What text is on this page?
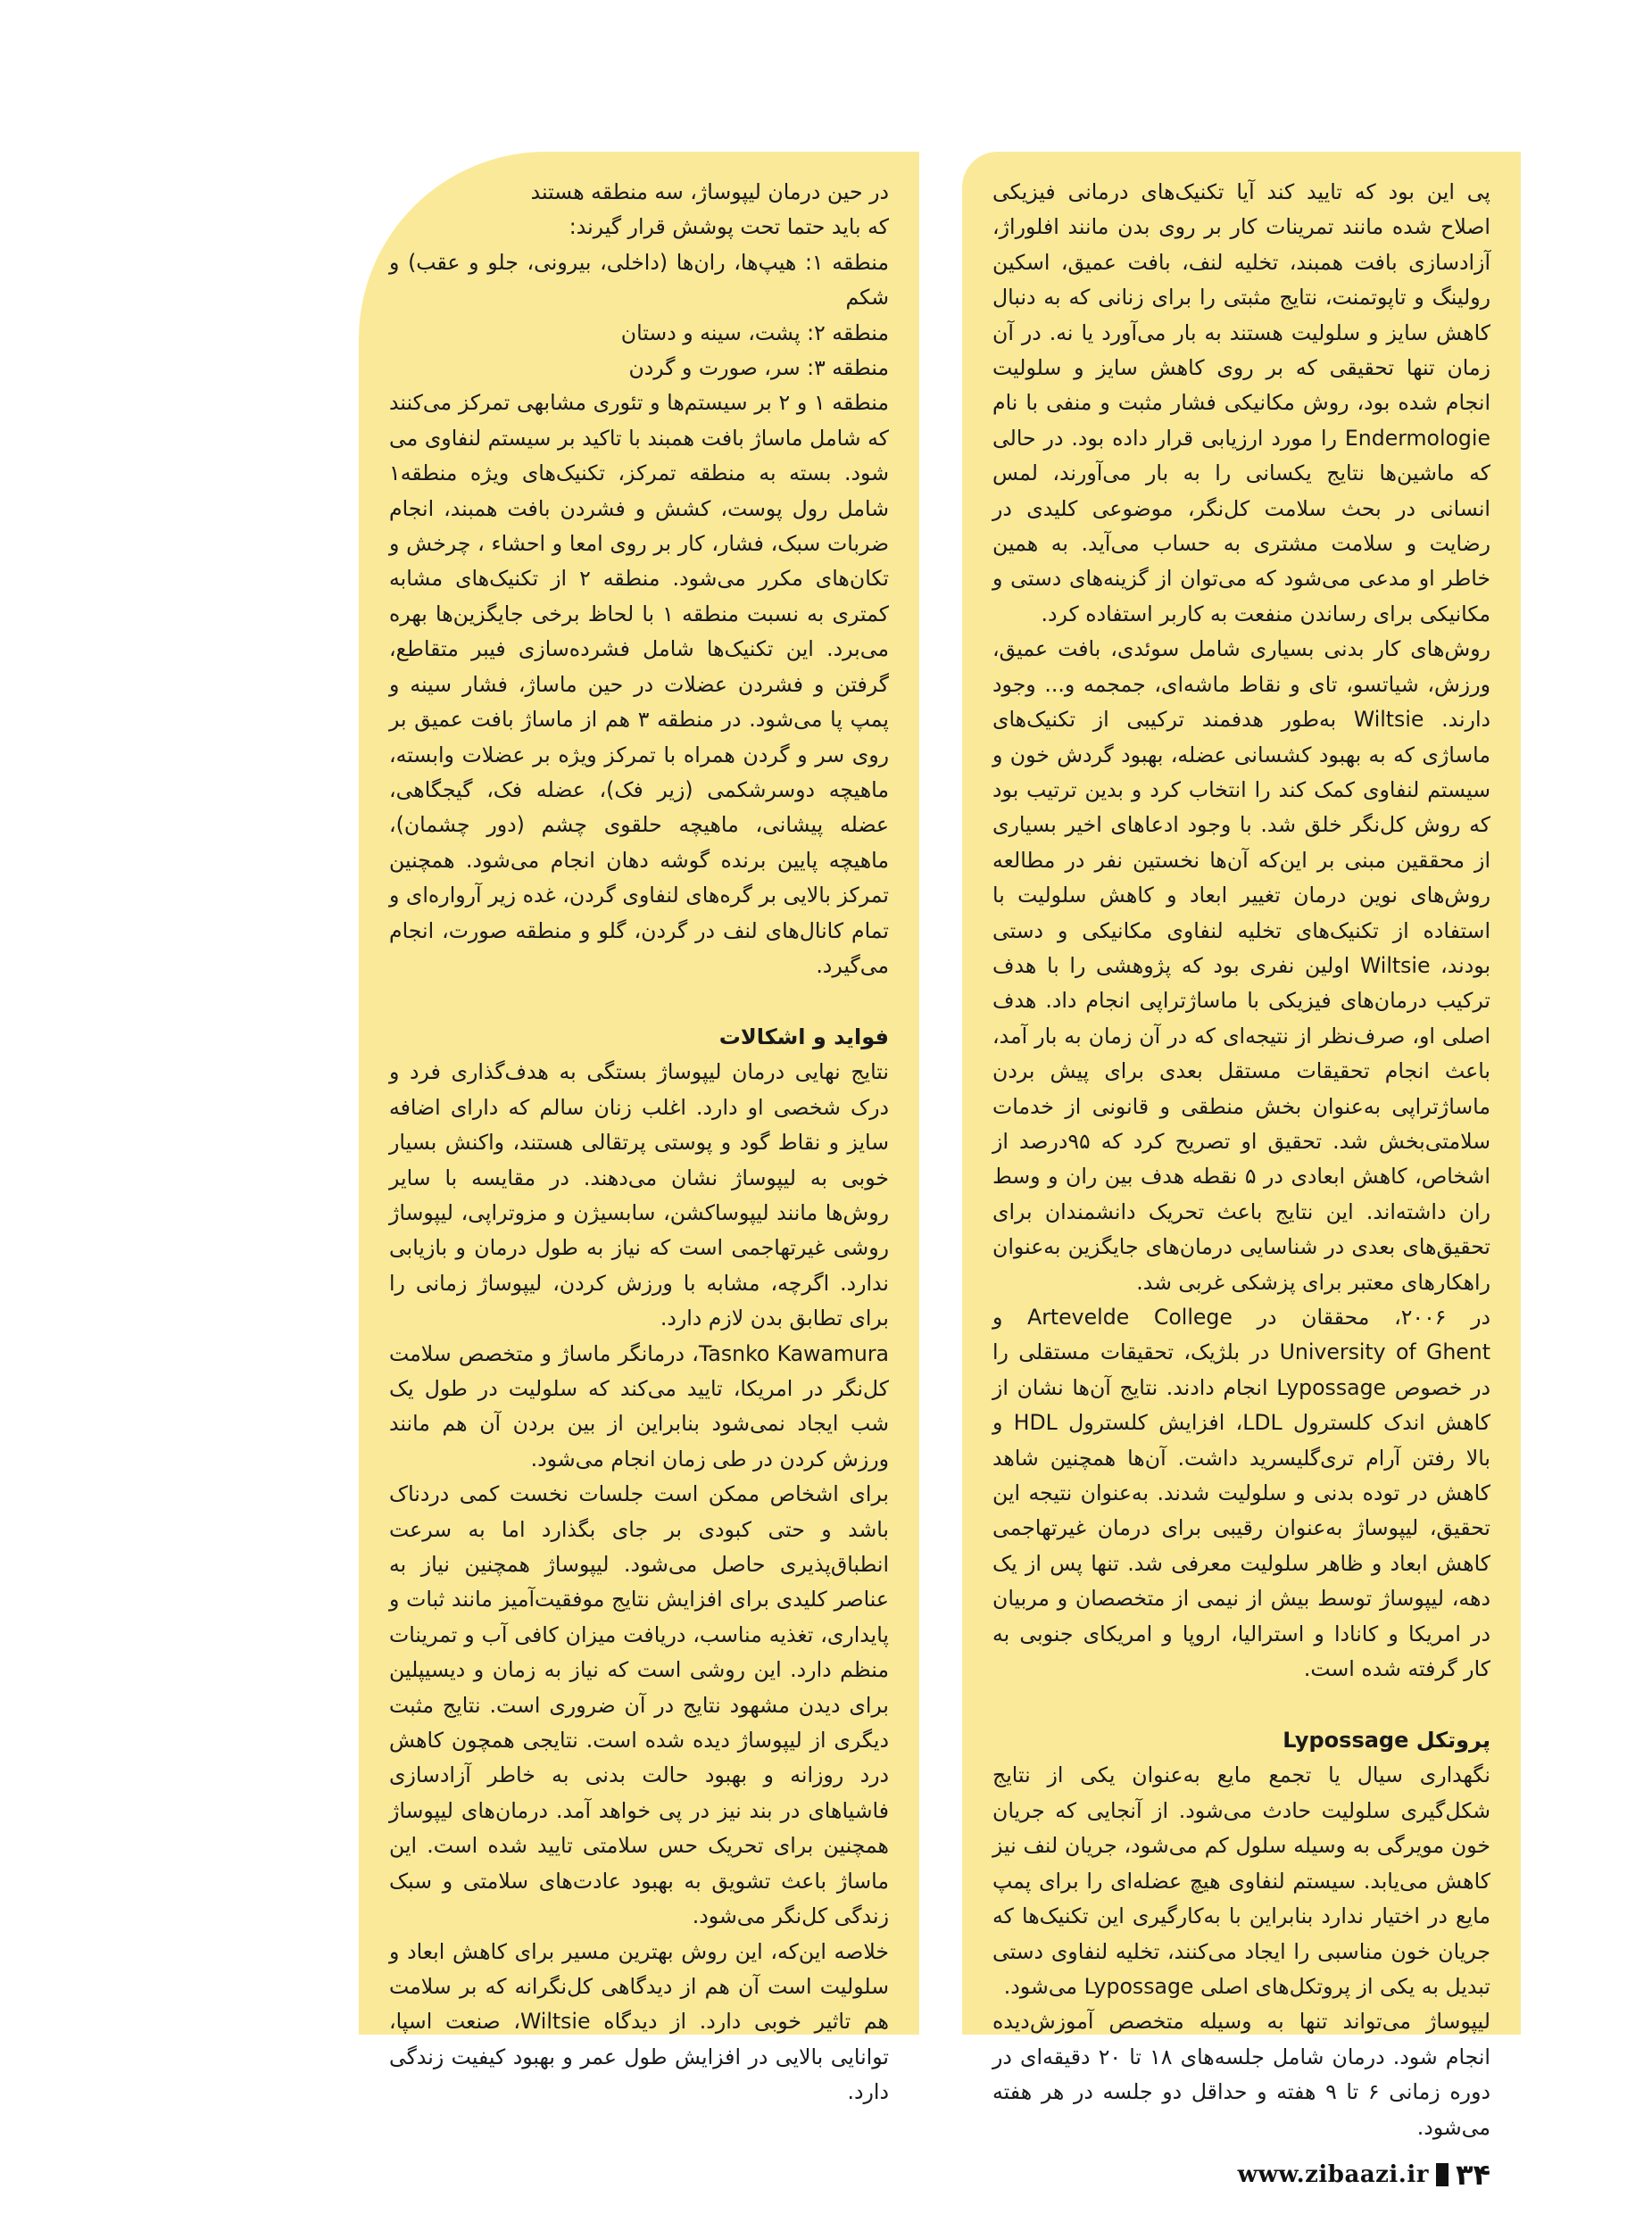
پی این بود که تایید کند آیا تکنیک‌های درمانی فیزیکی اصلاح شده مانند تمرینات کار بر روی بدن مانند افلوراژ، آزادسازی بافت همبند، تخلیه لنف، بافت عمیق، اسکین رولینگ و تاپوتمنت، نتایج مثبتی را برای زنانی که به دنبال کاهش سایز و سلولیت هستند به بار می‌آورد یا نه. در آن زمان تنها تحقیقی که بر روی کاهش سایز و سلولیت انجام شده بود، روش مکانیکی فشار مثبت و منفی با نام Endermologie را مورد ارزیابی قرار داده بود. در حالی که ماشین‌ها نتایج یکسانی را به بار می‌آورند، لمس انسانی در بحث سلامت کل‌نگر، موضوعی کلیدی در رضایت و سلامت مشتری به حساب می‌آید. به همین خاطر او مدعی می‌شود که می‌توان از گزینه‌های دستی و مکانیکی برای رساندن منفعت به کاربر استفاده کرد.

روش‌های کار بدنی بسیاری شامل سوئدی، بافت عمیق، ورزش، شیاتسو، تای و نقاط ماشه‌ای، جمجمه و... وجود دارند. Wiltsie به‌طور هدفمند ترکیبی از تکنیک‌های ماساژی که به بهبود کشسانی عضله، بهبود گردش خون و سیستم لنفاوی کمک کند را انتخاب کرد و بدین ترتیب بود که روش کل‌نگر خلق شد. با وجود ادعاهای اخیر بسیاری از محققین مبنی بر این‌که آن‌ها نخستین نفر در مطالعه روش‌های نوین درمان تغییر ابعاد و کاهش سلولیت با استفاده از تکنیک‌های تخلیه لنفاوی مکانیکی و دستی بودند، Wiltsie اولین نفری بود که پژوهشی را با هدف ترکیب درمان‌های فیزیکی با ماساژتراپی انجام داد. هدف اصلی او، صرف‌نظر از نتیجه‌ای که در آن زمان به بار آمد، باعث انجام تحقیقات مستقل بعدی برای پیش بردن ماساژتراپی به‌عنوان بخش منطقی و قانونی از خدمات سلامتی‌بخش شد. تحقیق او تصریح کرد که ۹۵درصد از اشخاص، کاهش ابعادی در ۵ نقطه هدف بین ران و وسط ران داشته‌اند. این نتایج باعث تحریک دانشمندان برای تحقیق‌های بعدی در شناسایی درمان‌های جایگزین به‌عنوان راهکارهای معتبر برای پزشکی غربی شد.

در ۲۰۰۶، محققان در Artevelde College و University of Ghent در بلژیک، تحقیقات مستقلی را در خصوص Lypossage انجام دادند. نتایج آن‌ها نشان از کاهش اندک کلسترول LDL، افزایش کلسترول HDL و بالا رفتن آرام تری‌گلیسرید داشت. آن‌ها همچنین شاهد کاهش در توده بدنی و سلولیت شدند. به‌عنوان نتیجه این تحقیق، لیپوساژ به‌عنوان رقیبی برای درمان غیرتهاجمی کاهش ابعاد و ظاهر سلولیت معرفی شد. تنها پس از یک دهه، لیپوساژ توسط بیش از نیمی از متخصصان و مربیان در امریکا و کانادا و استرالیا، اروپا و امریکای جنوبی به کار گرفته شده است.

پروتکل Lypossage

نگهداری سیال یا تجمع مایع به‌عنوان یکی از نتایج شکل‌گیری سلولیت حادث می‌شود. از آنجایی که جریان خون مویرگی به وسیله سلول کم می‌شود، جریان لنف نیز کاهش می‌یابد. سیستم لنفاوی هیچ عضله‌ای را برای پمپ مایع در اختیار ندارد بنابراین با به‌کارگیری این تکنیک‌ها که جریان خون مناسبی را ایجاد می‌کنند، تخلیه لنفاوی دستی تبدیل به یکی از پروتکل‌های اصلی Lypossage می‌شود.

لیپوساژ می‌تواند تنها به وسیله متخصص آموزش‌دیده انجام شود. درمان شامل جلسه‌های ۱۸ تا ۲۰ دقیقه‌ای در دوره زمانی ۶ تا ۹ هفته و حداقل دو جلسه در هر هفته می‌شود.

در حین درمان لیپوساژ، سه منطقه هستند

که باید حتما تحت پوشش قرار گیرند:

منطقه ۱: هیپ‌ها، ران‌ها (داخلی، بیرونی، جلو و عقب) و شکم

منطقه ۲: پشت، سینه و دستان

منطقه ۳: سر، صورت و گردن

منطقه ۱ و ۲ بر سیستم‌ها و تئوری مشابهی تمرکز می‌کنند که شامل ماساژ بافت همبند با تاکید بر سیستم لنفاوی می شود. بسته به منطقه تمرکز، تکنیک‌های ویژه منطقه۱ شامل رول پوست، کشش و فشردن بافت همبند، انجام ضربات سبک، فشار، کار بر روی امعا و احشاء ، چرخش و تکان‌های مکرر می‌شود. منطقه ۲ از تکنیک‌های مشابه کمتری به نسبت منطقه ۱ با لحاظ برخی جایگزین‌ها بهره می‌برد. این تکنیک‌ها شامل فشرده‌سازی فیبر متقاطع، گرفتن و فشردن عضلات در حین ماساژ، فشار سینه و پمپ پا می‌شود. در منطقه ۳ هم از ماساژ بافت عمیق بر روی سر و گردن همراه با تمرکز ویژه بر عضلات وابسته، ماهیچه دوسرشکمی (زیر فک)، عضله فک، گیجگاهی، عضله پیشانی، ماهیچه حلقوی چشم (دور چشمان)، ماهیچه پایین برنده گوشه دهان انجام می‌شود. همچنین تمرکز بالایی بر گره‌های لنفاوی گردن، غده زیر آرواره‌ای و تمام کانال‌های لنف در گردن، گلو و منطقه صورت، انجام می‌گیرد.

فواید و اشکالات

نتایج نهایی درمان لیپوساژ بستگی به هدف‌گذاری فرد و درک شخصی او دارد. اغلب زنان سالم که دارای اضافه سایز و نقاط گود و پوستی پرتقالی هستند، واکنش بسیار خوبی به لیپوساژ نشان می‌دهند. در مقایسه با سایر روش‌ها مانند لیپوساکشن، سابسیژن و مزوتراپی، لیپوساژ روشی غیرتهاجمی است که نیاز به طول درمان و بازیابی ندارد. اگرچه، مشابه با ورزش کردن، لیپوساژ زمانی را برای تطابق بدن لازم دارد.

Tasnko Kawamura، درمانگر ماساژ و متخصص سلامت کل‌نگر در امریکا، تایید می‌کند که سلولیت در طول یک شب ایجاد نمی‌شود بنابراین از بین بردن آن هم مانند ورزش کردن در طی زمان انجام می‌شود.

برای اشخاص ممکن است جلسات نخست کمی دردناک باشد و حتی کبودی بر جای بگذارد اما به سرعت انطباق‌پذیری حاصل می‌شود. لیپوساژ همچنین نیاز به عناصر کلیدی برای افزایش نتایج موفقیت‌آمیز مانند ثبات و پایداری، تغذیه مناسب، دریافت میزان کافی آب و تمرینات منظم دارد. این روشی است که نیاز به زمان و دیسیپلین برای دیدن مشهود نتایج در آن ضروری است. نتایج مثبت دیگری از لیپوساژ دیده شده است. نتایجی همچون کاهش درد روزانه و بهبود حالت بدنی به خاطر آزادسازی فاشیاهای در بند نیز در پی خواهد آمد. درمان‌های لیپوساژ همچنین برای تحریک حس سلامتی تایید شده است. این ماساژ باعث تشویق به بهبود عادت‌های سلامتی و سبک زندگی کل‌نگر می‌شود.

خلاصه این‌که، این روش بهترین مسیر برای کاهش ابعاد و سلولیت است آن هم از دیدگاهی کل‌نگرانه که بر سلامت هم تاثیر خوبی دارد. از دیدگاه Wiltsie، صنعت اسپا، توانایی بالایی در افزایش طول عمر و بهبود کیفیت زندگی دارد.

www.zibaazi.ir ۳۴
